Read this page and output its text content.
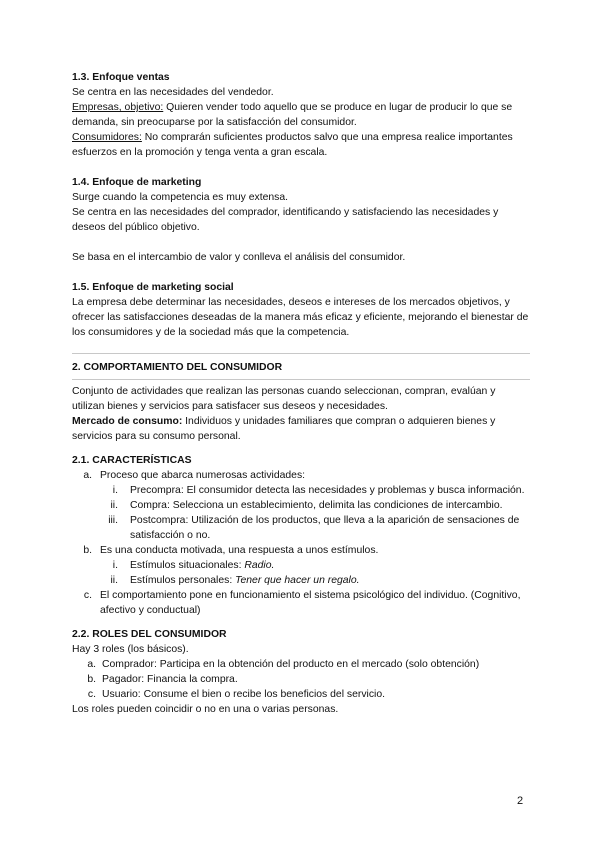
1.3. Enfoque ventas

Se centra en las necesidades del vendedor.

Empresas, objetivo: Quieren vender todo aquello que se produce en lugar de producir lo que se demanda, sin preocuparse por la satisfacción del consumidor.

Consumidores: No comprarán suficientes productos salvo que una empresa realice importantes esfuerzos en la promoción y tenga venta a gran escala.

1.4. Enfoque de marketing

Surge cuando la competencia es muy extensa.

Se centra en las necesidades del comprador, identificando y satisfaciendo las necesidades y deseos del público objetivo.

Se basa en el intercambio de valor y conlleva el análisis del consumidor.

1.5. Enfoque de marketing social

La empresa debe determinar las necesidades, deseos e intereses de los mercados objetivos, y ofrecer las satisfacciones deseadas de la manera más eficaz y eficiente, mejorando el bienestar de los consumidores y de la sociedad más que la competencia.

2. COMPORTAMIENTO DEL CONSUMIDOR

Conjunto de actividades que realizan las personas cuando seleccionan, compran, evalúan y utilizan bienes y servicios para satisfacer sus deseos y necesidades.

Mercado de consumo: Individuos y unidades familiares que compran o adquieren bienes y servicios para su consumo personal.

2.1. CARACTERÍSTICAS

a. Proceso que abarca numerosas actividades:
i. Precompra: El consumidor detecta las necesidades y problemas y busca información.
ii. Compra: Selecciona un establecimiento, delimita las condiciones de intercambio.
iii. Postcompra: Utilización de los productos, que lleva a la aparición de sensaciones de satisfacción o no.
b. Es una conducta motivada, una respuesta a unos estímulos.
i. Estímulos situacionales: Radio.
ii. Estímulos personales: Tener que hacer un regalo.
c. El comportamiento pone en funcionamiento el sistema psicológico del individuo. (Cognitivo, afectivo y conductual)

2.2. ROLES DEL CONSUMIDOR

Hay 3 roles (los básicos).

a. Comprador: Participa en la obtención del producto en el mercado (solo obtención)
b. Pagador: Financia la compra.
c. Usuario: Consume el bien o recibe los beneficios del servicio.

Los roles pueden coincidir o no en una o varias personas.

2
